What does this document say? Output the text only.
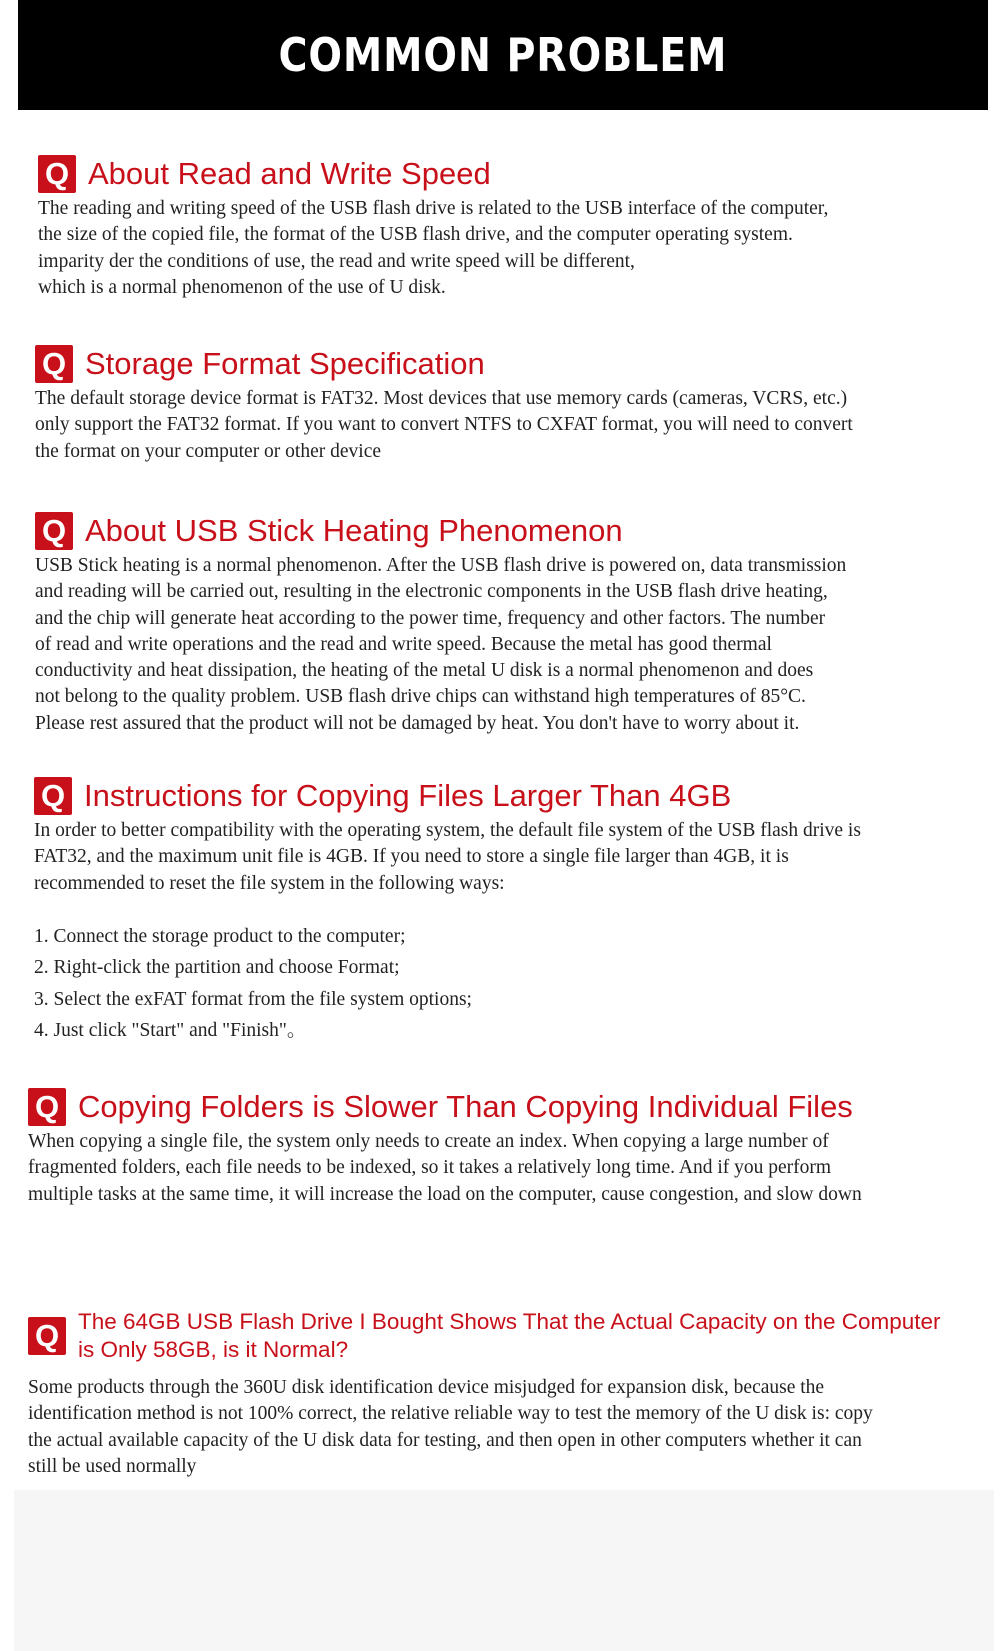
COMMON PROBLEM
Q About Read and Write Speed

The reading and writing speed of the USB flash drive is related to the USB interface of the computer,
the size of the copied file, the format of the USB flash drive, and the computer operating system.
imparity der the conditions of use, the read and write speed will be different,
which is a normal phenomenon of the use of U disk.

Q Storage Format Specification

The default storage device format is FAT32. Most devices that use memory cards (cameras, VCRS, etc.)
only support the FAT32 format. If you want to convert NTFS to CXFAT format, you will need to convert
the format on your computer or other device

Q About USB Stick Heating Phenomenon

USB Stick heating is a normal phenomenon. After the USB flash drive is powered on, data transmission
and reading will be carried out, resulting in the electronic components in the USB flash drive heating,
and the chip will generate heat according to the power time, frequency and other factors. The number
of read and write operations and the read and write speed. Because the metal has good thermal
conductivity and heat dissipation, the heating of the metal U disk is a normal phenomenon and does
not belong to the quality problem. USB flash drive chips can withstand high temperatures of 85°C.
Please rest assured that the product will not be damaged by heat. You don't have to worry about it.

Q Instructions for Copying Files Larger Than 4GB

In order to better compatibility with the operating system, the default file system of the USB flash drive is
FAT32, and the maximum unit file is 4GB. If you need to store a single file larger than 4GB, it is
recommended to reset the file system in the following ways:

1. Connect the storage product to the computer;
2. Right-click the partition and choose Format;
3. Select the exFAT format from the file system options;
4. Just click "Start" and "Finish"。
Q Copying Folders is Slower Than Copying Individual Files

When copying a single file, the system only needs to create an index. When copying a large number of
fragmented folders, each file needs to be indexed, so it takes a relatively long time. And if you perform
multiple tasks at the same time, it will increase the load on the computer, cause congestion, and slow down

Q The 64GB USB Flash Drive I Bought Shows That the Actual Capacity on the Computer is Only 58GB, is it Normal?

Some products through the 360U disk identification device misjudged for expansion disk, because the
identification method is not 100% correct, the relative reliable way to test the memory of the U disk is: copy
the actual available capacity of the U disk data for testing, and then open in other computers whether it can
still be used normally
